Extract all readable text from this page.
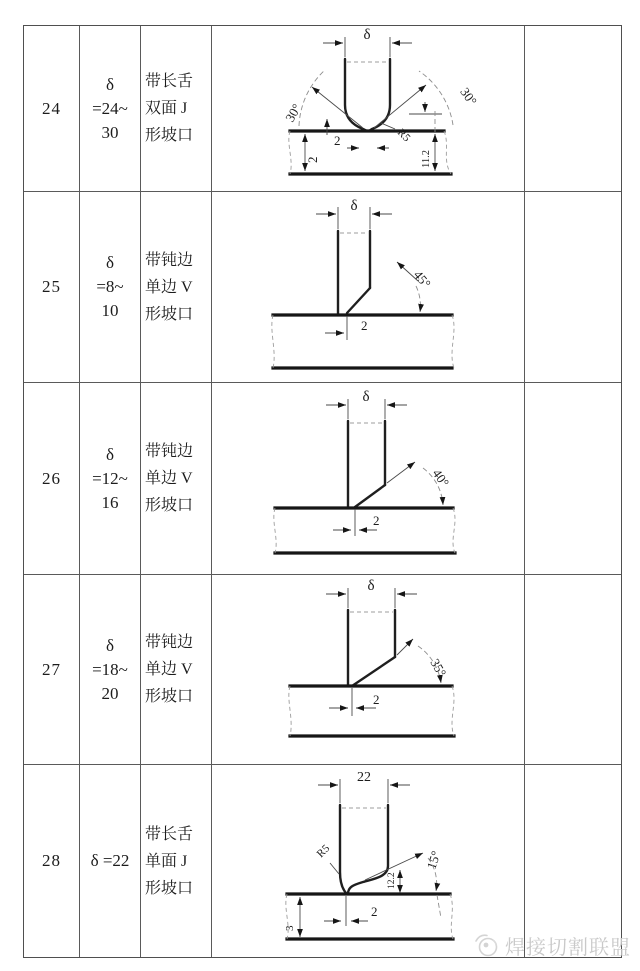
24
δ
=24~
30
带长舌
双面 J
形坡口
δ
30°
30°
R5
2
2	11.2
25
δ
=8~
10
带钝边
单边 V
形坡口
δ
45°
2
26
δ
=12~
16
带钝边
单边 V
形坡口
δ
40°
2
27
δ
=18~
20
带钝边
单边 V
形坡口
δ
35°
2
28 δ =22
带长舌
单面 J
形坡口
22
R5	15°
12.2
2
3
焊接切割联盟
